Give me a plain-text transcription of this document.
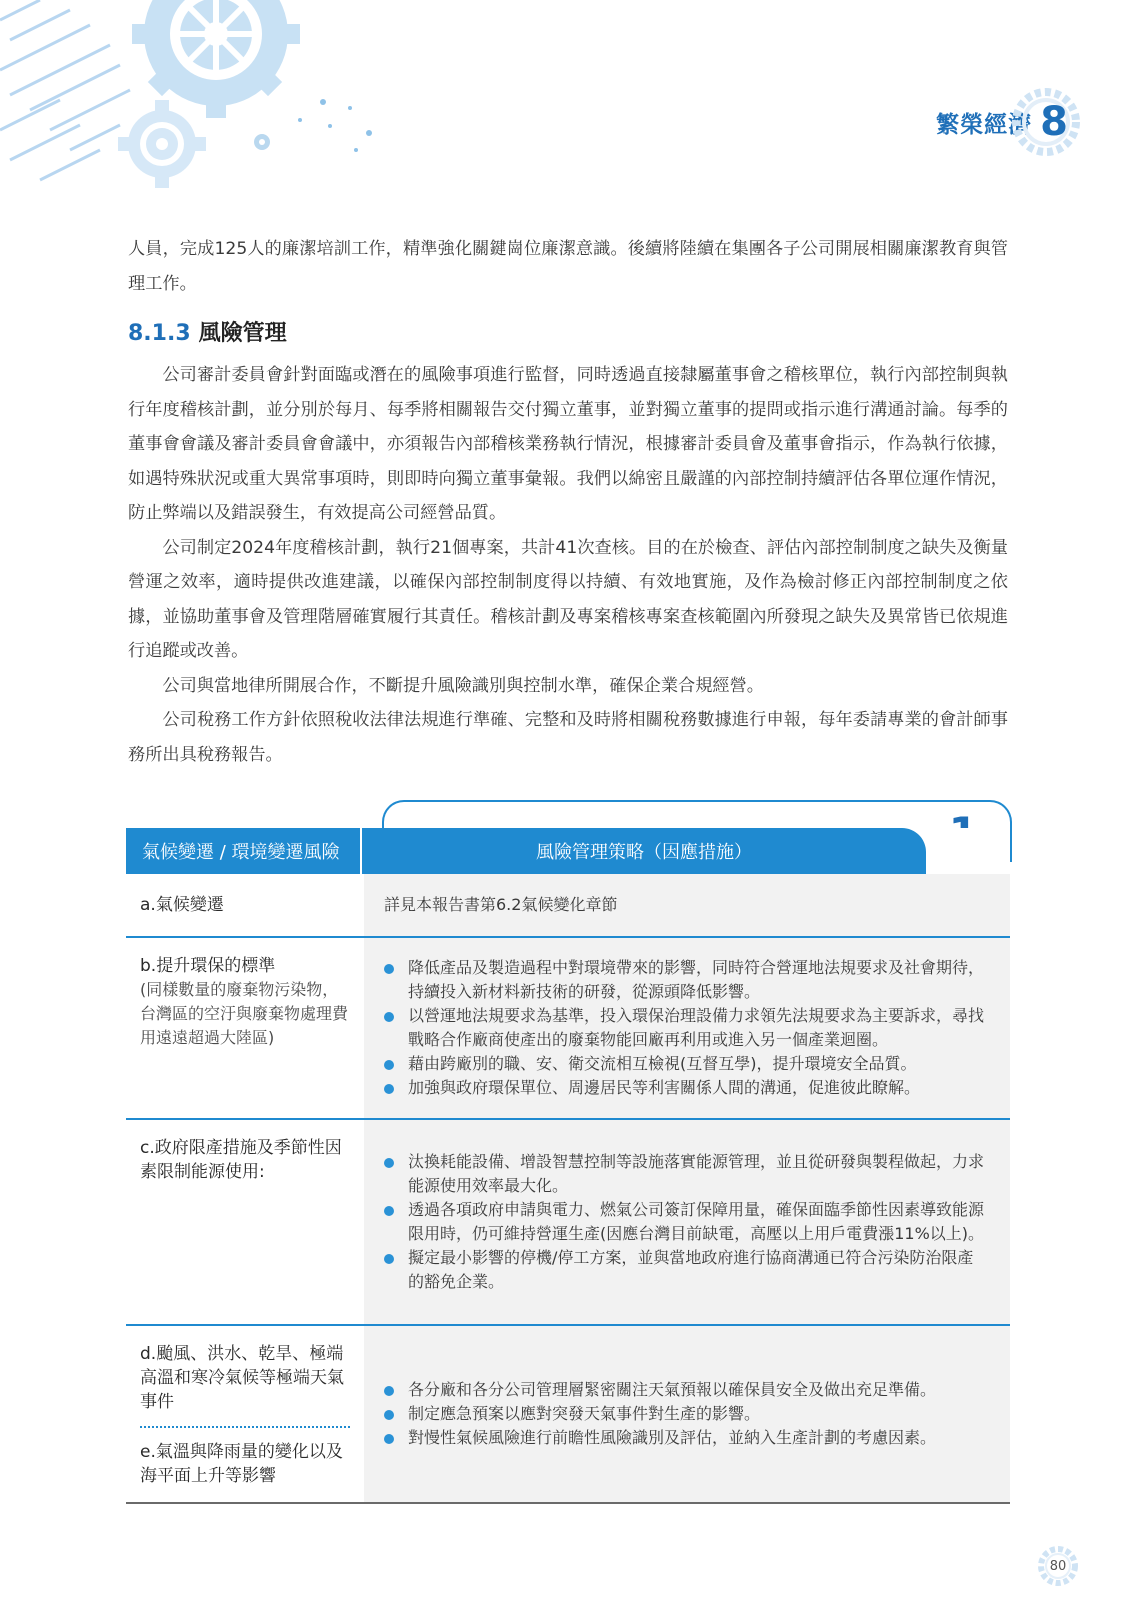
繁榮經濟 8

人員，完成125人的廉潔培訓工作，精準強化關鍵崗位廉潔意識。後續將陸續在集團各子公司開展相關廉潔教育與管理工作。

8.1.3 風險管理

公司審計委員會針對面臨或潛在的風險事項進行監督，同時透過直接隸屬董事會之稽核單位，執行內部控制與執行年度稽核計劃，並分別於每月、每季將相關報告交付獨立董事，並對獨立董事的提問或指示進行溝通討論。每季的董事會會議及審計委員會會議中，亦須報告內部稽核業務執行情況，根據審計委員會及董事會指示，作為執行依據，如遇特殊狀況或重大異常事項時，則即時向獨立董事彙報。我們以綿密且嚴謹的內部控制持續評估各單位運作情況，防止弊端以及錯誤發生，有效提高公司經營品質。

公司制定2024年度稽核計劃，執行21個專案，共計41次查核。目的在於檢查、評估內部控制制度之缺失及衡量營運之效率，適時提供改進建議，以確保內部控制制度得以持續、有效地實施，及作為檢討修正內部控制制度之依據，並協助董事會及管理階層確實履行其責任。稽核計劃及專案稽核專案查核範圍內所發現之缺失及異常皆已依規進行追蹤或改善。

公司與當地律所開展合作，不斷提升風險識別與控制水準，確保企業合規經營。

公司稅務工作方針依照稅收法律法規進行準確、完整和及時將相關稅務數據進行申報，每年委請專業的會計師事務所出具稅務報告。

氣候變遷 / 環境變遷風險	風險管理策略（因應措施）
a.氣候變遷	詳見本報告書第6.2氣候變化章節
b.提升環保的標準
(同樣數量的廢棄物污染物，台灣區的空汙與廢棄物處理費用遠遠超過大陸區)
降低產品及製造過程中對環境帶來的影響，同時符合營運地法規要求及社會期待，持續投入新材料新技術的研發，從源頭降低影響。
以營運地法規要求為基準，投入環保治理設備力求領先法規要求為主要訴求，尋找戰略合作廠商使產出的廢棄物能回廠再利用或進入另一個產業迴圈。
藉由跨廠別的職、安、衛交流相互檢視(互督互學)，提升環境安全品質。
加強與政府環保單位、周邊居民等利害關係人間的溝通，促進彼此瞭解。
c.政府限產措施及季節性因素限制能源使用:
汰換耗能設備、增設智慧控制等設施落實能源管理，並且從研發與製程做起，力求能源使用效率最大化。
透過各項政府申請與電力、燃氣公司簽訂保障用量，確保面臨季節性因素導致能源限用時，仍可維持營運生產(因應台灣目前缺電，高壓以上用戶電費漲11%以上)。
擬定最小影響的停機/停工方案，並與當地政府進行協商溝通已符合污染防治限產的豁免企業。
d.颱風、洪水、乾旱、極端高溫和寒冷氣候等極端天氣事件
e.氣溫與降雨量的變化以及海平面上升等影響
各分廠和各分公司管理層緊密關注天氣預報以確保員安全及做出充足準備。
制定應急預案以應對突發天氣事件對生產的影響。
對慢性氣候風險進行前瞻性風險識別及評估，並納入生產計劃的考慮因素。
80
